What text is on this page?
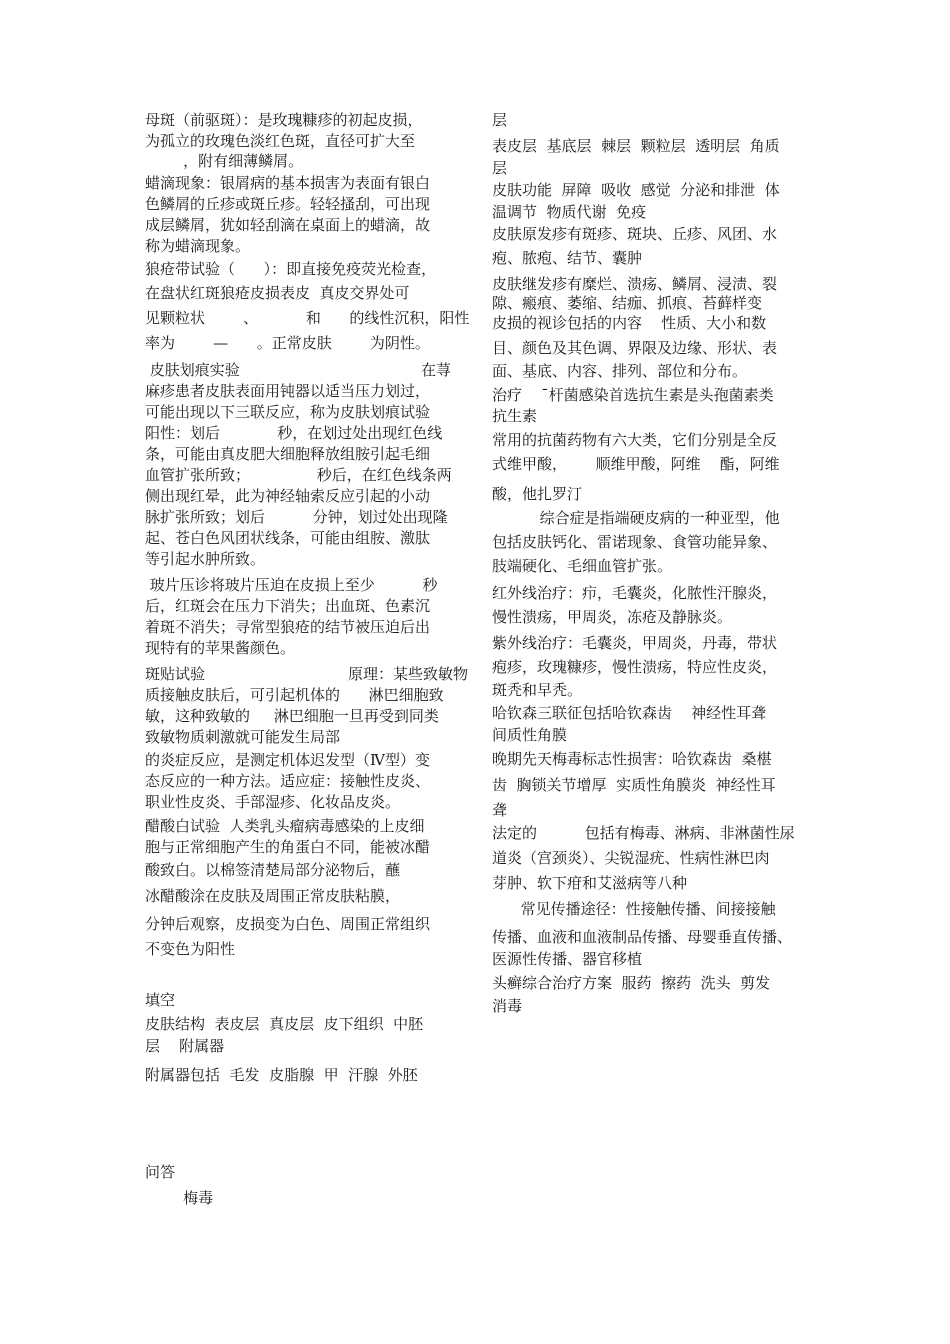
母斑（前驱斑）：是玫瑰糠疹的初起皮损，
为孤立的玫瑰色淡红色斑，直径可扩大至
，附有细薄鳞屑。
蜡滴现象：银屑病的基本损害为表面有银白
色鳞屑的丘疹或斑丘疹。轻轻搔刮，可出现
成层鳞屑，犹如轻刮滴在桌面上的蜡滴，故
称为蜡滴现象。
狼疮带试验（      ）：即直接免疫荧光检查，
在盘状红斑狼疮皮损表皮  真皮交界处可
见颗粒状        、          和      的线性沉积，阳性
率为        —      。正常皮肤        为阴性。
皮肤划痕实验                                      在荨
麻疹患者皮肤表面用钝器以适当压力划过，
可能出现以下三联反应，称为皮肤划痕试验
阳性：划后            秒，在划过处出现红色线
条，可能由真皮肥大细胞释放组胺引起毛细
血管扩张所致；              秒后，在红色线条两
侧出现红晕，此为神经轴索反应引起的小动
脉扩张所致；划后          分钟，划过处出现隆
起、苍白色风团状线条，可能由组胺、激肽
等引起水肿所致。
玻片压诊将玻片压迫在皮损上至少          秒
后，红斑会在压力下消失；出血斑、色素沉
着斑不消失；寻常型狼疮的结节被压迫后出
现特有的苹果酱颜色。
斑贴试验                              原理：某些致敏物
质接触皮肤后，可引起机体的      淋巴细胞致
敏，这种致敏的     淋巴细胞一旦再受到同类
致敏物质刺激就可能发生局部
的炎症反应，是测定机体迟发型（Ⅳ型）变
态反应的一种方法。适应症：接触性皮炎、
职业性皮炎、手部湿疹、化妆品皮炎。
醋酸白试验  人类乳头瘤病毒感染的上皮细
胞与正常细胞产生的角蛋白不同，能被冰醋
酸致白。以棉签清楚局部分泌物后，蘸
冰醋酸涂在皮肤及周围正常皮肤粘膜，
分钟后观察，皮损变为白色、周围正常组织
不变色为阳性
填空
皮肤结构  表皮层  真皮层  皮下组织  中胚
层    附属器
附属器包括  毛发  皮脂腺  甲  汗腺  外胚
问答
梅毒
层
表皮层  基底层  棘层  颗粒层  透明层  角质
层
皮肤功能  屏障  吸收  感觉  分泌和排泄  体
温调节  物质代谢  免疫
皮肤原发疹有斑疹、斑块、丘疹、风团、水
疱、脓疱、结节、囊肿
皮肤继发疹有糜烂、溃疡、鳞屑、浸渍、裂
隙、瘢痕、萎缩、结痂、抓痕、苔藓样变
皮损的视诊包括的内容    性质、大小和数
目、颜色及其色调、界限及边缘、形状、表
面、基底、内容、排列、部位和分布。
治疗    ˉ杆菌感染首选抗生素是头孢菌素类
抗生素
常用的抗菌药物有六大类，它们分别是全反
式维甲酸，      顺维甲酸，阿维    酯，阿维
酸，他扎罗汀
综合症是指端硬皮病的一种亚型，他
包括皮肤钙化、雷诺现象、食管功能异象、
肢端硬化、毛细血管扩张。
红外线治疗：疖，毛囊炎，化脓性汗腺炎，
慢性溃疡，甲周炎，冻疮及静脉炎。
紫外线治疗：毛囊炎，甲周炎，丹毒，带状
疱疹，玫瑰糠疹，慢性溃疡，特应性皮炎，
斑秃和早秃。
哈钦森三联征包括哈钦森齿    神经性耳聋
间质性角膜
晚期先天梅毒标志性损害：哈钦森齿  桑椹
齿  胸锁关节增厚  实质性角膜炎  神经性耳
聋
法定的          包括有梅毒、淋病、非淋菌性尿
道炎（宫颈炎）、尖锐湿疣、性病性淋巴肉
芽肿、软下疳和艾滋病等八种
常见传播途径：性接触传播、间接接触
传播、血液和血液制品传播、母婴垂直传播、
医源性传播、器官移植
头癣综合治疗方案  服药  擦药  洗头  剪发
消毒
